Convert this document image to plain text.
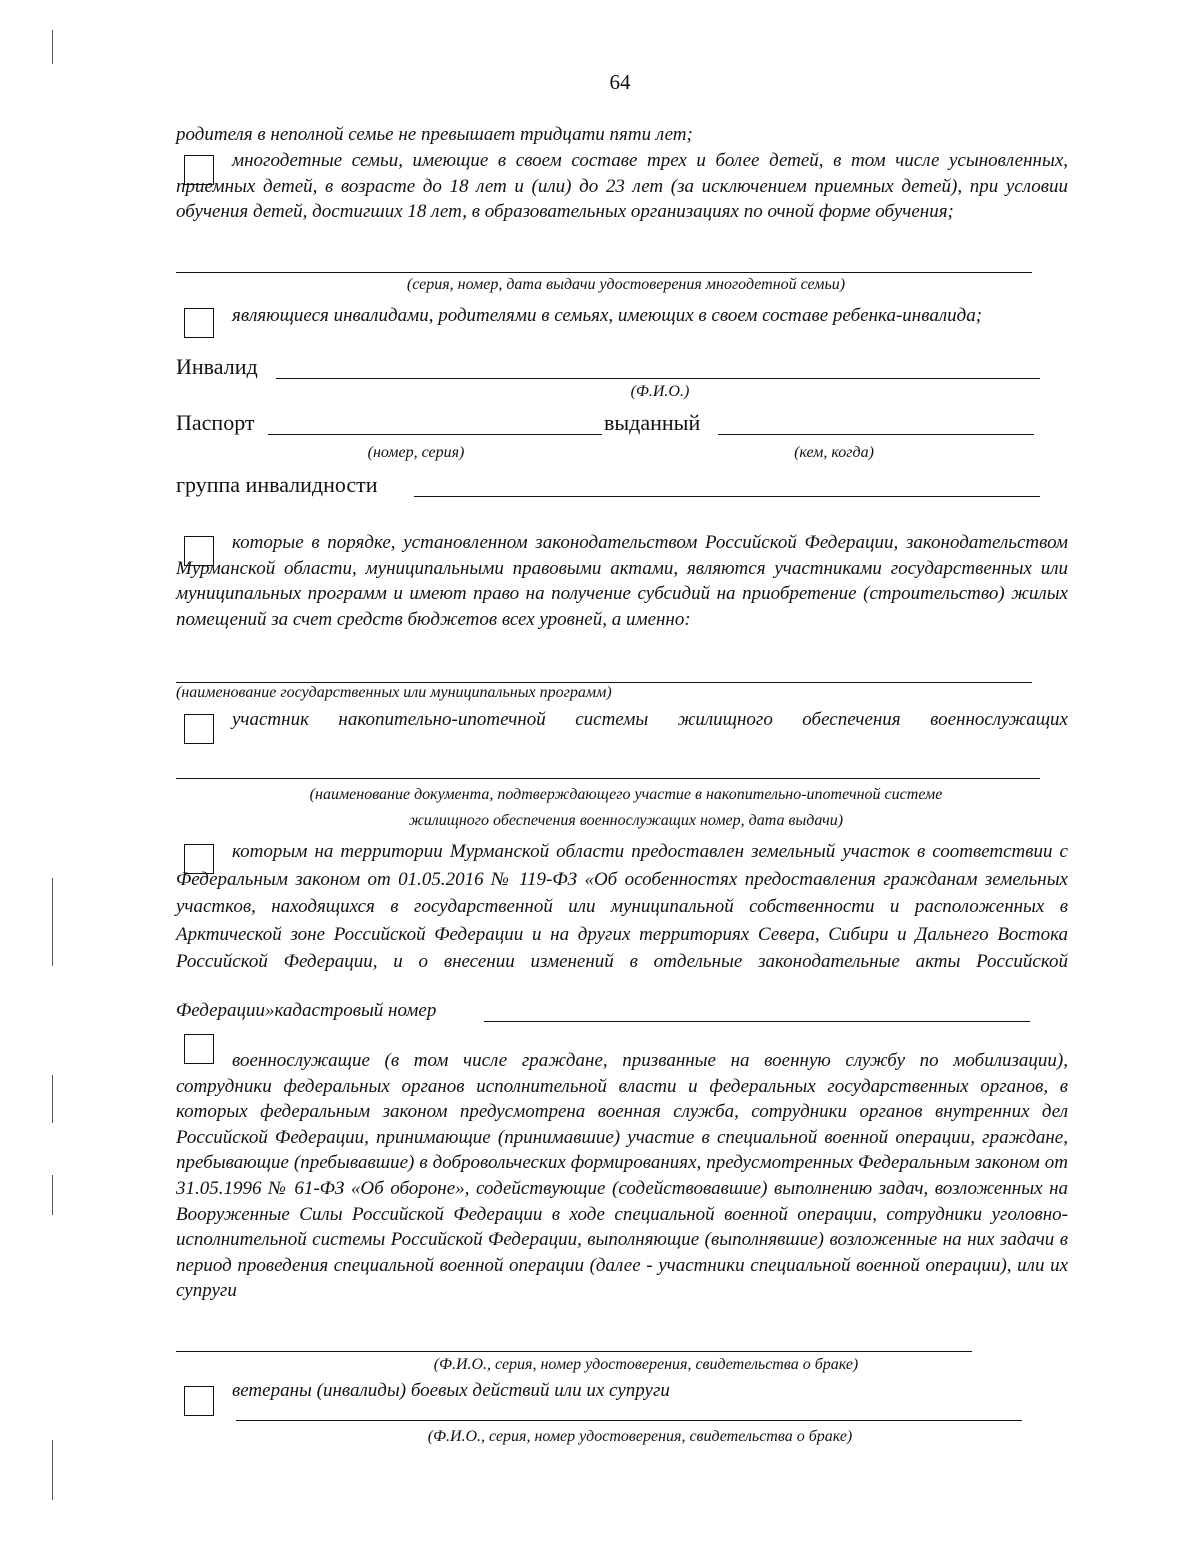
64
родителя в неполной семье не превышает тридцати пяти лет;

многодетные семьи, имеющие в своем составе трех и более детей, в том числе усыновленных, приемных детей, в возрасте до 18 лет и (или) до 23 лет (за исключением приемных детей), при условии обучения детей, достигших 18 лет, в образовательных организациях по очной форме обучения;

(серия, номер, дата выдачи удостоверения многодетной семьи)

являющиеся инвалидами, родителями в семьях, имеющих в своем составе ребенка-инвалида;

Инвалид
(Ф.И.О.)
Паспорт	выданный
(номер, серия)	(кем, когда)
группа инвалидности

которые в порядке, установленном законодательством Российской Федерации, законодательством Мурманской области, муниципальными правовыми актами, являются участниками государственных или муниципальных программ и имеют право на получение субсидий на приобретение (строительство) жилых помещений за счет средств бюджетов всех уровней, а именно:

(наименование государственных или муниципальных программ)

участник накопительно-ипотечной системы жилищного обеспечения военнослужащих

(наименование документа, подтверждающего участие в накопительно-ипотечной системе
жилищного обеспечения военнослужащих номер, дата выдачи)

которым на территории Мурманской области предоставлен земельный участок в соответствии с Федеральным законом от 01.05.2016 № 119-ФЗ «Об особенностях предоставления гражданам земельных участков, находящихся в государственной или муниципальной собственности и расположенных в Арктической зоне Российской Федерации и на других территориях Севера, Сибири и Дальнего Востока Российской Федерации, и о внесении изменений в отдельные законодательные акты Российской

Федерации»кадастровый номер

военнослужащие (в том числе граждане, призванные на военную службу по мобилизации), сотрудники федеральных органов исполнительной власти и федеральных государственных органов, в которых федеральным законом предусмотрена военная служба, сотрудники органов внутренних дел Российской Федерации, принимающие (принимавшие) участие в специальной военной операции, граждане, пребывающие (пребывавшие) в добровольческих формированиях, предусмотренных Федеральным законом от 31.05.1996 № 61-ФЗ «Об обороне», содействующие (содействовавшие) выполнению задач, возложенных на Вооруженные Силы Российской Федерации в ходе специальной военной операции, сотрудники уголовно-исполнительной системы Российской Федерации, выполняющие (выполнявшие) возложенные на них задачи в период проведения специальной военной операции (далее - участники специальной военной операции), или их супруги

(Ф.И.О., серия, номер удостоверения, свидетельства о браке)
ветераны (инвалиды) боевых действий или их супруги
(Ф.И.О., серия, номер удостоверения, свидетельства о браке)
